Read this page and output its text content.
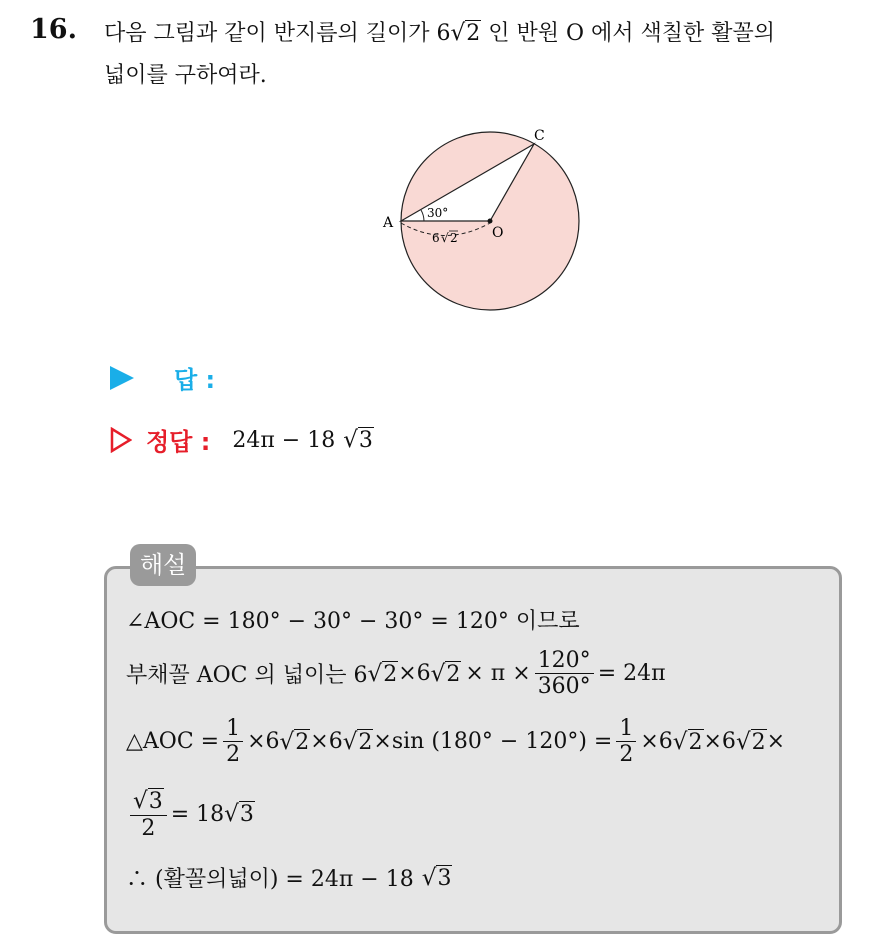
16. 다음 그림과 같이 반지름의 길이가 6√2 인 반원 O 에서 색칠한 활꼴의
넓이를 구하여라.
A
C
O
30°
6 √ 2
답 :
정답 : 24π − 18 √3
해설
∠AOC = 180° − 30° − 30° = 120° 이므로
부채꼴 AOC 의 넓이는 6 √2 ×6 $√2 \times \pi \times \frac{120^\circ}{360^\circ} = 24\pi$
△AOC = $\frac{1}{2} \times 6$ √2 ×6 √2 ×sin $(180^\circ - 120^\circ) = \frac{1}{2} \times 6$ √2 ×6 √2 ×
$\frac{√3}{2} = 18$ √3
∴ (활꼴의넓이) = 24π − 18 √3
